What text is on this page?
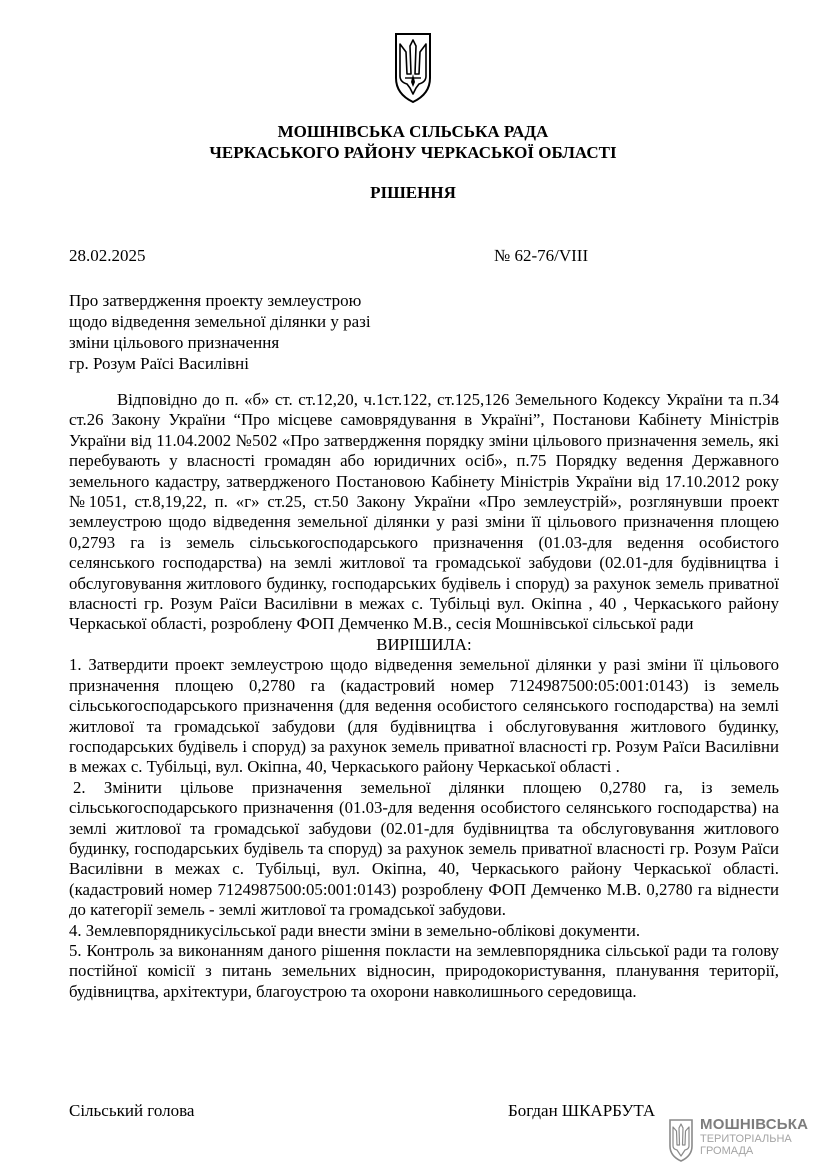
МОШНІВСЬКА СІЛЬСЬКА РАДА
ЧЕРКАСЬКОГО РАЙОНУ ЧЕРКАСЬКОЇ ОБЛАСТІ
РІШЕННЯ
28.02.2025	№ 62-76/VIII
Про затвердження проекту землеустрою
щодо відведення земельної ділянки у разі
зміни цільового призначення
гр. Розум Раїсі Василівні

Відповідно до п. «б» ст. ст.12,20, ч.1ст.122, ст.125,126 Земельного Кодексу України та п.34 ст.26 Закону України “Про місцеве самоврядування в Україні”, Постанови Кабінету Міністрів України від 11.04.2002 №502 «Про затвердження порядку зміни цільового призначення земель, які перебувають у власності громадян або юридичних осіб», п.75 Порядку ведення Державного земельного кадастру, затвердженого Постановою Кабінету Міністрів України від 17.10.2012 року №1051, ст.8,19,22, п. «г» ст.25, ст.50 Закону України «Про землеустрій», розглянувши проект землеустрою щодо відведення земельної ділянки у разі зміни її цільового призначення площею 0,2793 га із земель сільськогосподарського призначення (01.03-для ведення особистого селянського господарства) на землі житлової та громадської забудови (02.01-для будівництва і обслуговування житлового будинку, господарських будівель і споруд) за рахунок земель приватної власності гр. Розум Раїси Василівни в межах с. Тубільці вул. Окіпна , 40 , Черкаського району Черкаської області, розроблену ФОП Демченко М.В., сесія Мошнівської сільської ради

ВИРІШИЛА:

1. Затвердити проект землеустрою щодо відведення земельної ділянки у разі зміни її цільового призначення площею 0,2780 га (кадастровий номер 7124987500:05:001:0143) із земель сільськогосподарського призначення (для ведення особистого селянського господарства) на землі житлової та громадської забудови (для будівництва і обслуговування житлового будинку, господарських будівель і споруд) за рахунок земель приватної власності гр. Розум Раїси Василівни в межах с. Тубільці, вул. Окіпна, 40, Черкаського району Черкаської області .

2. Змінити цільове призначення земельної ділянки площею 0,2780 га, із земель сільськогосподарського призначення (01.03-для ведення особистого селянського господарства) на землі житлової та громадської забудови (02.01-для будівництва та обслуговування житлового будинку, господарських будівель та споруд) за рахунок земель приватної власності гр. Розум Раїси Василівни в межах с. Тубільці, вул. Окіпна, 40, Черкаського району Черкаської області. (кадастровий номер 7124987500:05:001:0143) розроблену ФОП Демченко М.В. 0,2780 га віднести до категорії земель - землі житлової та громадської забудови.

4. Землевпорядникусільської ради внести зміни в земельно-облікові документи.

5. Контроль за виконанням даного рішення покласти на землевпорядника сільської ради та голову постійної комісії з питань земельних відносин, природокористування, планування території, будівництва, архітектури, благоустрою та охорони навколишнього середовища.

Сільський голова	Богдан ШКАРБУТА
МОШНІВСЬКА
ТЕРИТОРІАЛЬНА
ГРОМАДА
